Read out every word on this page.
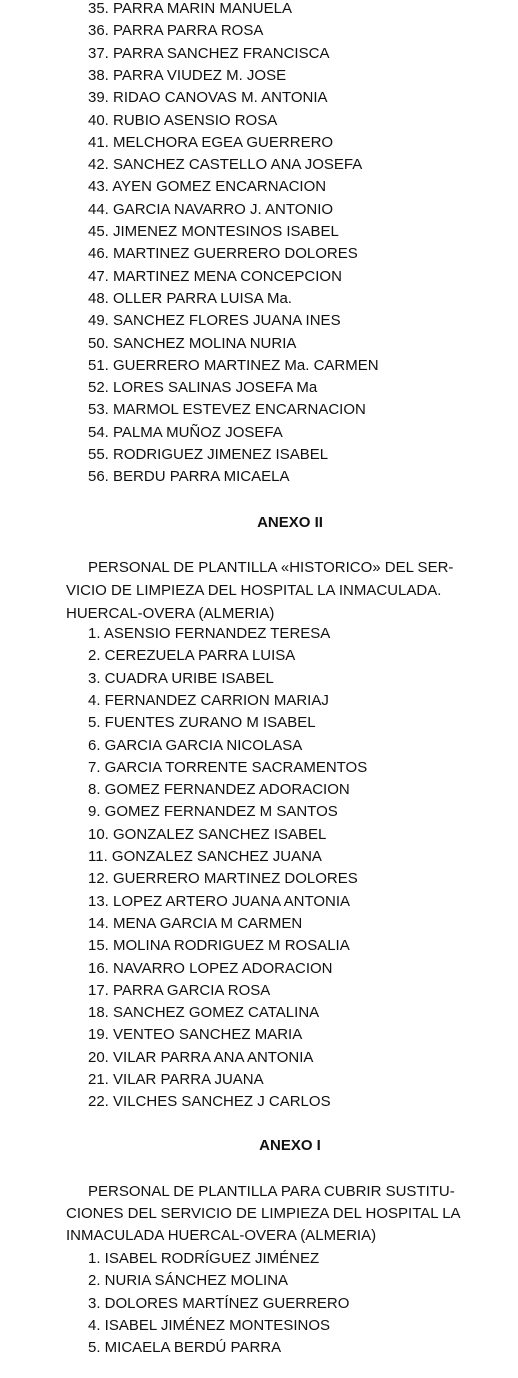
35. PARRA MARIN MANUELA
36. PARRA PARRA ROSA
37. PARRA SANCHEZ FRANCISCA
38. PARRA VIUDEZ M. JOSE
39. RIDAO CANOVAS M. ANTONIA
40. RUBIO ASENSIO ROSA
41. MELCHORA EGEA GUERRERO
42. SANCHEZ CASTELLO ANA JOSEFA
43. AYEN GOMEZ ENCARNACION
44. GARCIA NAVARRO J. ANTONIO
45. JIMENEZ MONTESINOS ISABEL
46. MARTINEZ GUERRERO DOLORES
47. MARTINEZ MENA CONCEPCION
48. OLLER PARRA LUISA Ma.
49. SANCHEZ FLORES JUANA INES
50. SANCHEZ MOLINA NURIA
51. GUERRERO MARTINEZ Ma. CARMEN
52. LORES SALINAS JOSEFA Ma
53. MARMOL ESTEVEZ ENCARNACION
54. PALMA MUÑOZ JOSEFA
55. RODRIGUEZ JIMENEZ ISABEL
56. BERDU PARRA MICAELA
ANEXO II
PERSONAL DE PLANTILLA «HISTORICO» DEL SER-
VICIO DE LIMPIEZA DEL HOSPITAL LA INMACULADA.
HUERCAL-OVERA (ALMERIA)
1. ASENSIO FERNANDEZ TERESA
2. CEREZUELA PARRA LUISA
3. CUADRA URIBE ISABEL
4. FERNANDEZ CARRION MARIAJ
5. FUENTES ZURANO M ISABEL
6. GARCIA GARCIA NICOLASA
7. GARCIA TORRENTE SACRAMENTOS
8. GOMEZ FERNANDEZ ADORACION
9. GOMEZ FERNANDEZ M SANTOS
10. GONZALEZ SANCHEZ ISABEL
11. GONZALEZ SANCHEZ JUANA
12. GUERRERO MARTINEZ DOLORES
13. LOPEZ ARTERO JUANA ANTONIA
14. MENA GARCIA M CARMEN
15. MOLINA RODRIGUEZ M ROSALIA
16. NAVARRO LOPEZ ADORACION
17. PARRA GARCIA ROSA
18. SANCHEZ GOMEZ CATALINA
19. VENTEO SANCHEZ MARIA
20. VILAR PARRA ANA ANTONIA
21. VILAR PARRA JUANA
22. VILCHES SANCHEZ J CARLOS
ANEXO I
PERSONAL DE PLANTILLA PARA CUBRIR SUSTITU-
CIONES DEL SERVICIO DE LIMPIEZA DEL HOSPITAL LA
INMACULADA HUERCAL-OVERA (ALMERIA)
1. ISABEL RODRÍGUEZ JIMÉNEZ
2. NURIA SÁNCHEZ MOLINA
3. DOLORES MARTÍNEZ GUERRERO
4. ISABEL JIMÉNEZ MONTESINOS
5. MICAELA BERDÚ PARRA
